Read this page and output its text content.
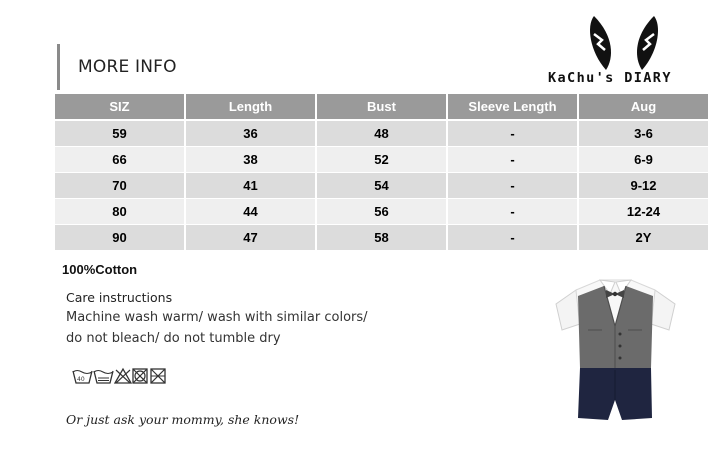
MORE INFO
KaChu's DIARY
SIZ	Length	Bust	Sleeve Length	Aug
59	36	48	-	3-6
66	38	52	-	6-9
70	41	54	-	9-12
80	44	56	-	12-24
90	47	58	-	2Y
100%Cotton
Care instructions
Machine wash warm/ wash with similar colors/
do not bleach/ do not tumble dry
40
Or just ask your mommy, she knows!
